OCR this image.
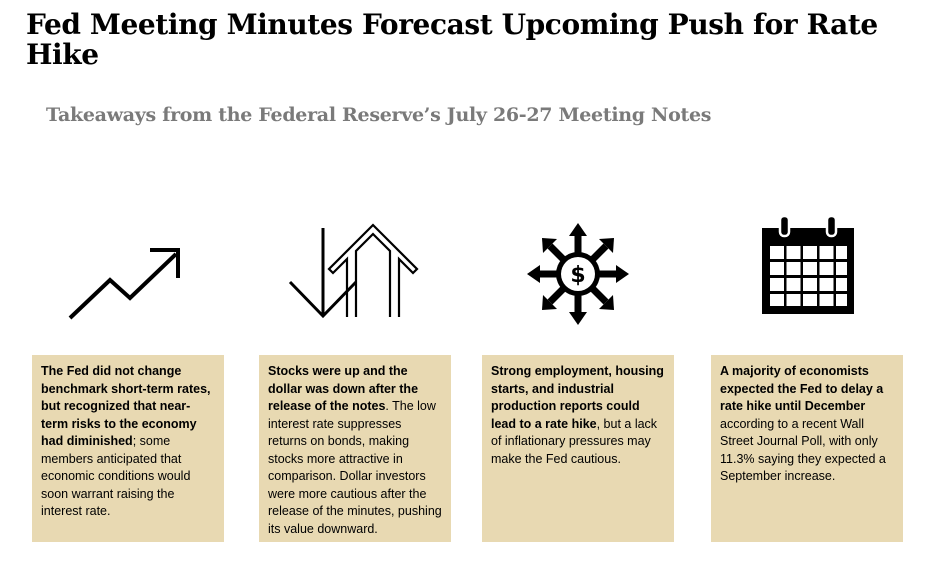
Fed Meeting Minutes Forecast Upcoming Push for Rate Hike
Takeaways from the Federal Reserve’s July 26-27 Meeting Notes
$
The Fed did not change benchmark short-term rates, but recognized that near-term risks to the economy had diminished; some members anticipated that economic conditions would soon warrant raising the interest rate.
Stocks were up and the dollar was down after the release of the notes. The low interest rate suppresses returns on bonds, making stocks more attractive in comparison. Dollar investors were more cautious after the release of the minutes, pushing its value downward.
Strong employment, housing starts, and industrial production reports could lead to a rate hike, but a lack of inflationary pressures may make the Fed cautious.
A majority of economists expected the Fed to delay a rate hike until December according to a recent Wall Street Journal Poll, with only 11.3% saying they expected a September increase.
